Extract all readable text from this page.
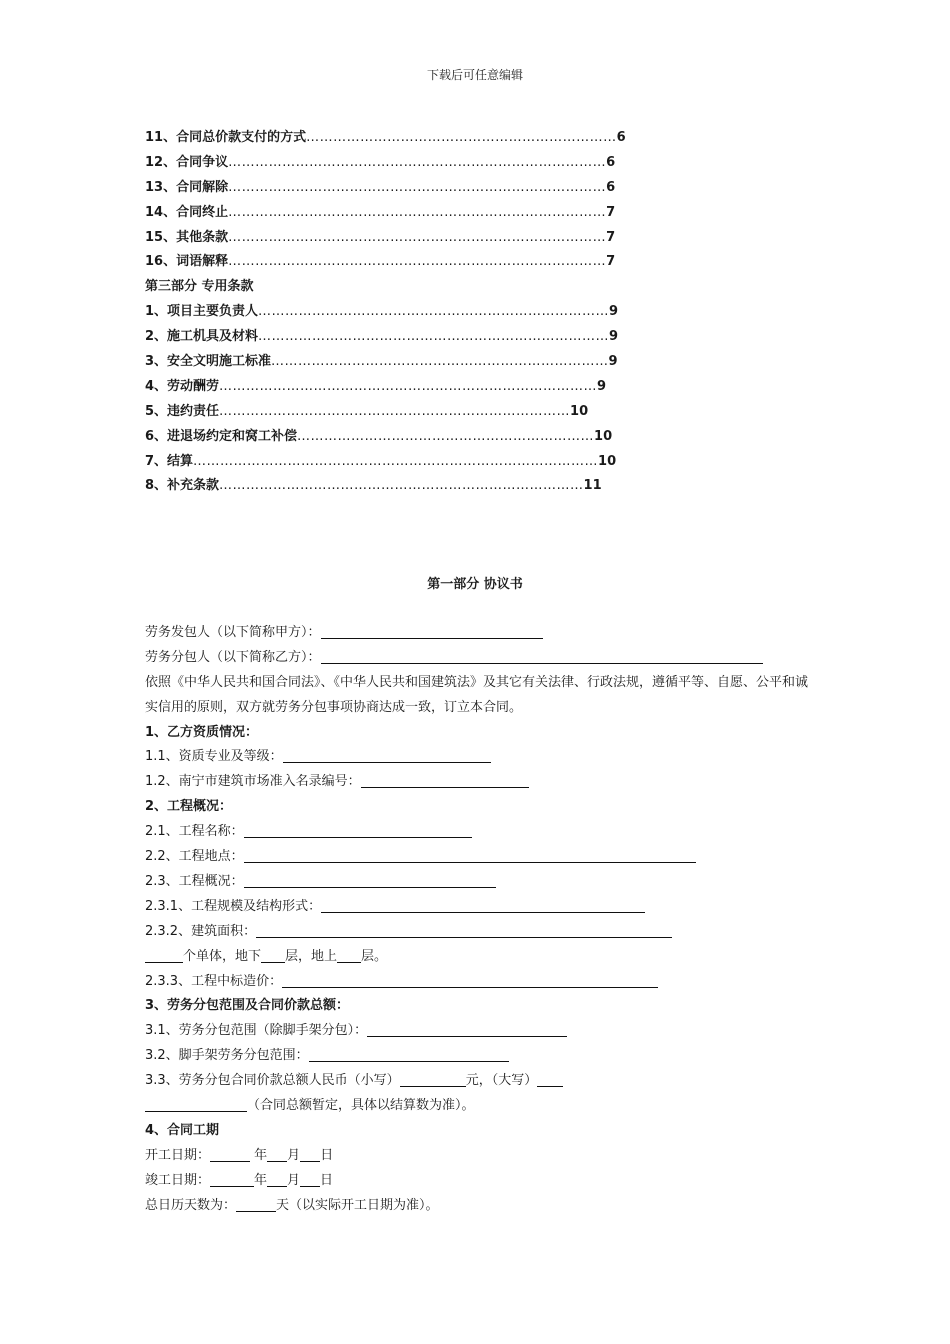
下载后可任意编辑
11、合同总价款支付的方式……………………………………………………………6
12、合同争议…………………………………………………………………………6
13、合同解除…………………………………………………………………………6
14、合同终止…………………………………………………………………………7
15、其他条款…………………………………………………………………………7
16、词语解释…………………………………………………………………………7
第三部分 专用条款
1、项目主要负责人……………………………………………………………………9
2、施工机具及材料……………………………………………………………………9
3、安全文明施工标准…………………………………………………………………9
4、劳动酬劳…………………………………………………………………………9
5、违约责任……………………………………………………………………10
6、进退场约定和窝工补偿…………………………………………………………10
7、结算………………………………………………………………………………10
8、补充条款………………………………………………………………………11
第一部分 协议书
劳务发包人（以下简称甲方）：
劳务分包人（以下简称乙方）：
依照《中华人民共和国合同法》、《中华人民共和国建筑法》及其它有关法律、行政法规，遵循平等、自愿、公平和诚实信用的原则，双方就劳务分包事项协商达成一致，订立本合同。
1、乙方资质情况：
1.1、资质专业及等级：
1.2、南宁市建筑市场准入名录编号：
2、工程概况：
2.1、工程名称：
2.2、工程地点：
2.3、工程概况：
2.3.1、工程规模及结构形式：
2.3.2、建筑面积：
个单体，地下 层，地上 层。
2.3.3、工程中标造价：
3、劳务分包范围及合同价款总额：
3.1、劳务分包范围（除脚手架分包）：
3.2、脚手架劳务分包范围：
3.3、劳务分包合同价款总额人民币（小写）	元，（大写）
（合同总额暂定，具体以结算数为准）。
4、合同工期
开工日期：	年 月 日
竣工日期：	年 月 日
总日历天数为：	天（以实际开工日期为准）。
